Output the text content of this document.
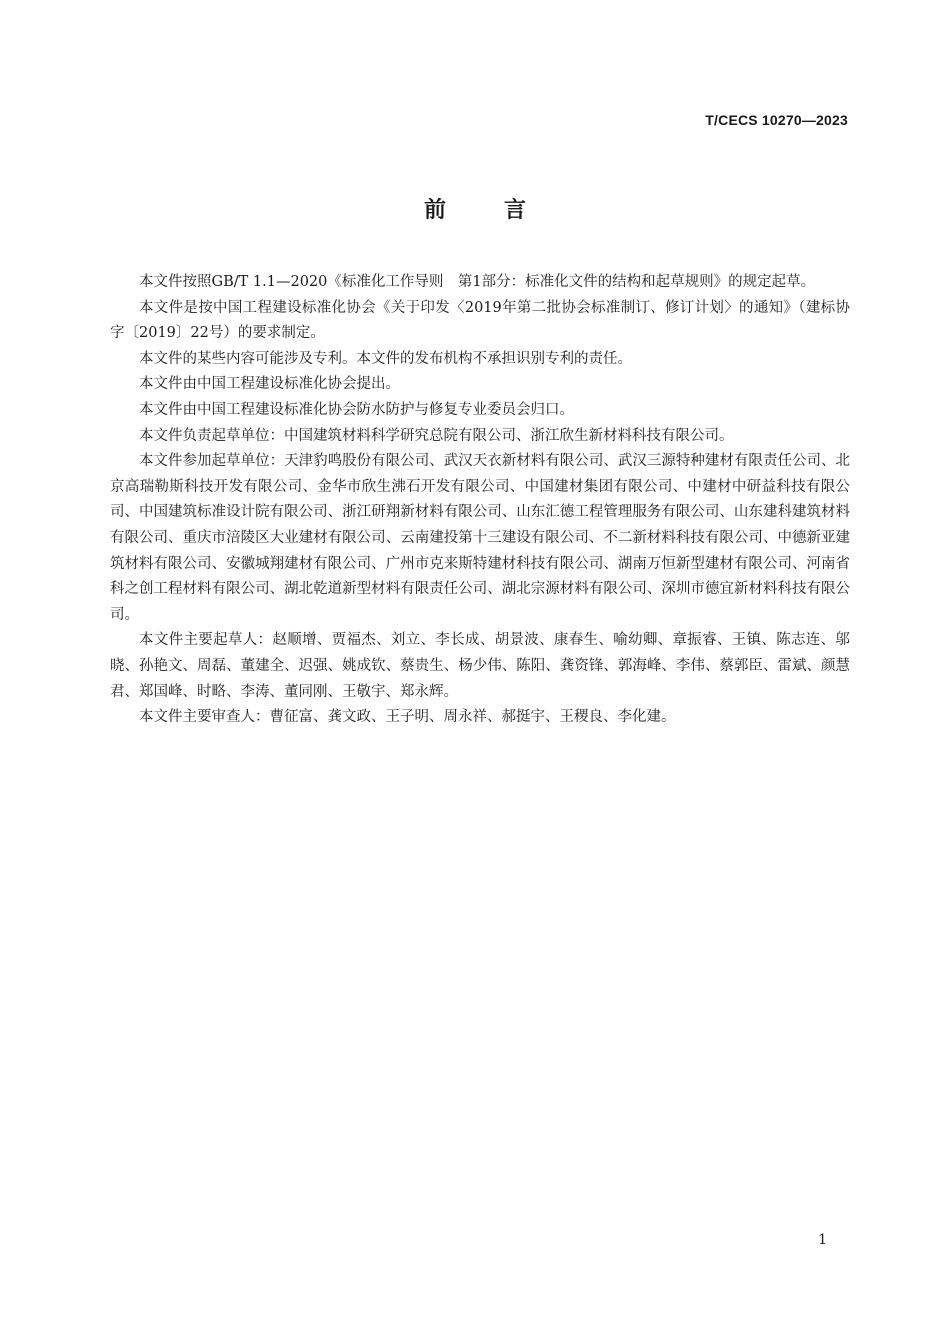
T/CECS 10270—2023
前言

本文件按照GB/T 1.1—2020《标准化工作导则　第1部分：标准化文件的结构和起草规则》的规定起草。

本文件是按中国工程建设标准化协会《关于印发〈2019年第二批协会标准制订、修订计划〉的通知》（建标协字〔2019〕22号）的要求制定。

本文件的某些内容可能涉及专利。本文件的发布机构不承担识别专利的责任。

本文件由中国工程建设标准化协会提出。

本文件由中国工程建设标准化协会防水防护与修复专业委员会归口。

本文件负责起草单位：中国建筑材料科学研究总院有限公司、浙江欣生新材料科技有限公司。

本文件参加起草单位：天津豹鸣股份有限公司、武汉天衣新材料有限公司、武汉三源特种建材有限责任公司、北京高瑞勒斯科技开发有限公司、金华市欣生沸石开发有限公司、中国建材集团有限公司、中建材中研益科技有限公司、中国建筑标准设计院有限公司、浙江研翔新材料有限公司、山东汇德工程管理服务有限公司、山东建科建筑材料有限公司、重庆市涪陵区大业建材有限公司、云南建投第十三建设有限公司、不二新材料科技有限公司、中德新亚建筑材料有限公司、安徽城翔建材有限公司、广州市克来斯特建材科技有限公司、湖南万恒新型建材有限公司、河南省科之创工程材料有限公司、湖北乾道新型材料有限责任公司、湖北宗源材料有限公司、深圳市德宜新材料科技有限公司。

本文件主要起草人：赵顺增、贾福杰、刘立、李长成、胡景波、康春生、喻幼卿、章振睿、王镇、陈志连、邬晓、孙艳文、周磊、董建全、迟强、姚成钦、蔡贵生、杨少伟、陈阳、龚资锋、郭海峰、李伟、蔡郭臣、雷斌、颜慧君、郑国峰、时略、李涛、董同刚、王敬宇、郑永辉。

本文件主要审查人：曹征富、龚文政、王子明、周永祥、郝挺宇、王稷良、李化建。

1
